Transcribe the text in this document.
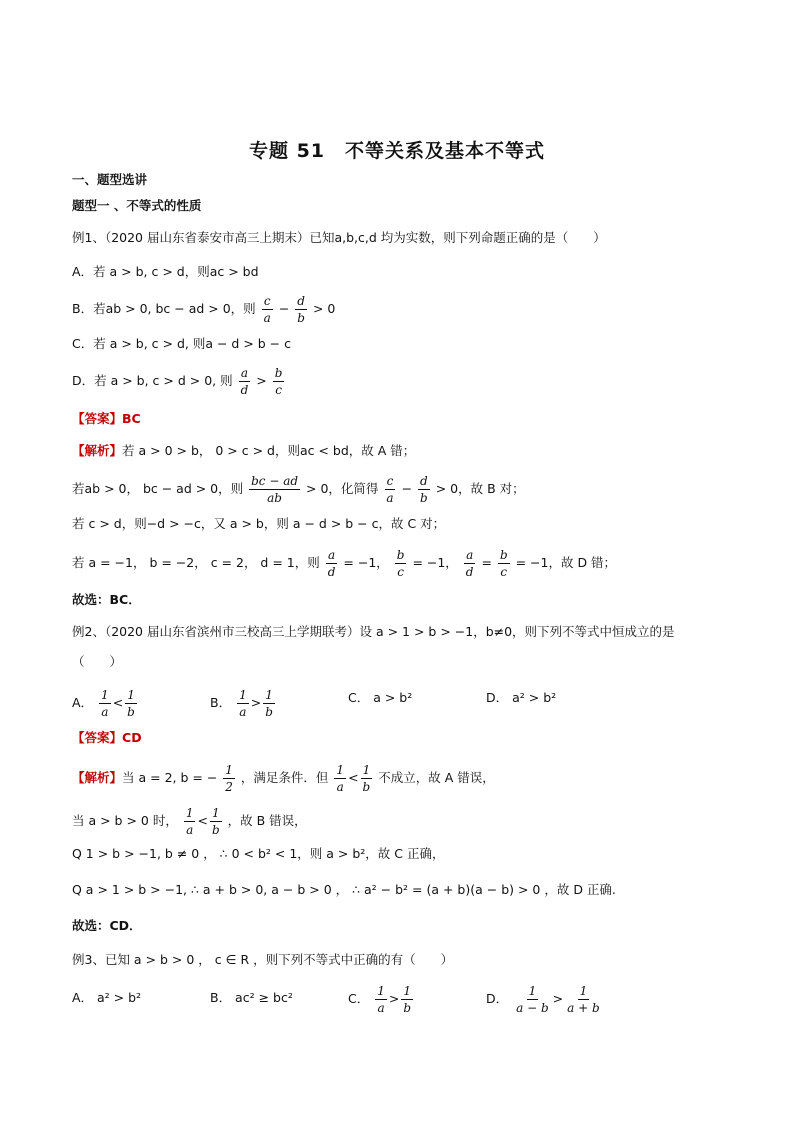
专题 51　不等关系及基本不等式
一、题型选讲
题型一 、不等式的性质
例1、（2020 届山东省泰安市高三上期末）已知a,b,c,d 均为实数，则下列命题正确的是（　　）
A．若 a > b, c > d，则ac > bd
B．若ab > 0, bc − ad > 0，则 $\frac{c}{a} - \frac{d}{b} > 0$
C．若 a > b, c > d, 则a − d > b − c
D．若 a > b, c > d > 0, 则 $\frac{a}{d} > \frac{b}{c}$
【答案】BC
【解析】若 a > 0 > b， 0 > c > d，则ac < bd，故 A 错；
若ab > 0， bc − ad > 0，则 $\frac{bc - ad}{ab} > 0$，化简得 $\frac{c}{a} - \frac{d}{b} > 0$，故 B 对；
若 c > d，则−d > −c，又 a > b，则 a − d > b − c，故 C 对；
若 a = −1， b = −2， c = 2， d = 1，则 $\frac{a}{d} = -1$， $\frac{b}{c} = -1$， $\frac{a}{d} = \frac{b}{c} = -1$，故 D 错；
故选：BC．
例2、（2020 届山东省滨州市三校高三上学期联考）设 a > 1 > b > −1，b≠0，则下列不等式中恒成立的是
（　　）
A． $\frac{1}{a} < \frac{1}{b}$	B． $\frac{1}{a} > \frac{1}{b}$	C． a > b²	D． a² > b²
【答案】CD
【解析】当 a = 2, b = − $\frac{1}{2}$ ，满足条件．但 $\frac{1}{a} < \frac{1}{b}$ 不成立，故 A 错误，
当 a > b > 0 时， $\frac{1}{a} < \frac{1}{b}$ ，故 B 错误，
Q 1 > b > −1, b ≠ 0 ， ∴ 0 < b² < 1，则 a > b²，故 C 正确，
Q a > 1 > b > −1, ∴ a + b > 0, a − b > 0 ， ∴ a² − b² = (a + b)(a − b) > 0 ，故 D 正确.
故选：CD．
例3、已知 a > b > 0 ， c ∈ R ，则下列不等式中正确的有（　　）
A． a² > b²	B． ac² ≥ bc²	C． $\frac{1}{a} > \frac{1}{b}$	D． $\frac{1}{a - b} > \frac{1}{a + b}$
